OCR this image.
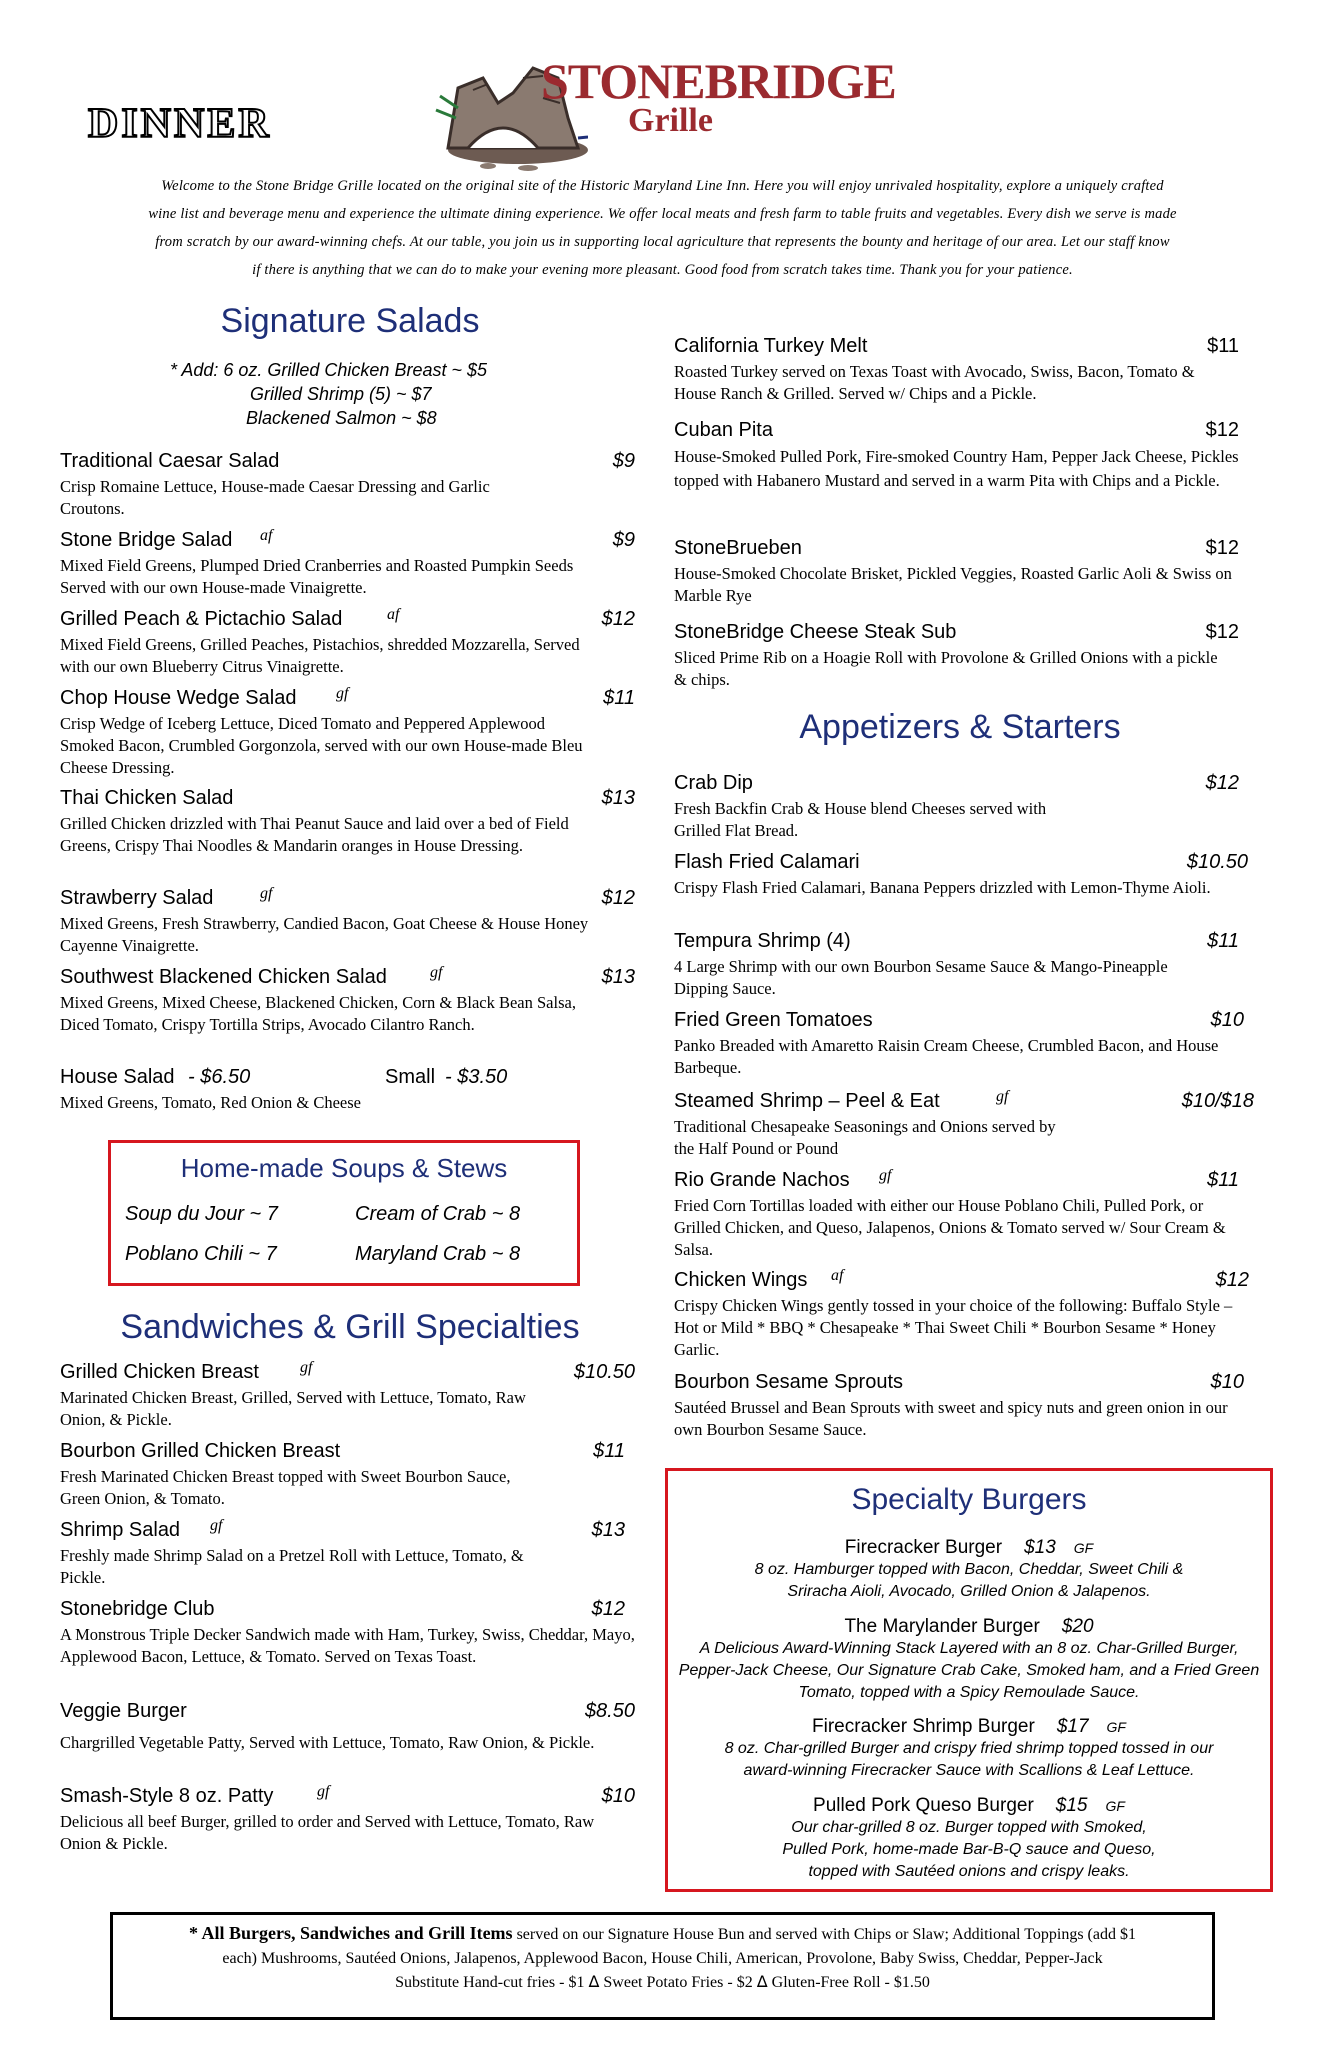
DINNER
STONEBRIDGE
Grille
Welcome to the Stone Bridge Grille located on the original site of the Historic Maryland Line Inn. Here you will enjoy unrivaled hospitality, explore a uniquely crafted
wine list and beverage menu and experience the ultimate dining experience. We offer local meats and fresh farm to table fruits and vegetables. Every dish we serve is made
from scratch by our award-winning chefs. At our table, you join us in supporting local agriculture that represents the bounty and heritage of our area. Let our staff know
if there is anything that we can do to make your evening more pleasant. Good food from scratch takes time. Thank you for your patience.
Signature Salads
* Add: 6 oz. Grilled Chicken Breast ~ $5
Grilled Shrimp (5) ~ $7
Blackened Salmon ~ $8
Traditional Caesar Salad	$9
Crisp Romaine Lettuce, House-made Caesar Dressing and Garlic Croutons.
Stone Bridge Salad af	$9
Mixed Field Greens, Plumped Dried Cranberries and Roasted Pumpkin Seeds Served with our own House-made Vinaigrette.
Grilled Peach & Pictachio Salad	af	$12
Mixed Field Greens, Grilled Peaches, Pistachios, shredded Mozzarella, Served with our own Blueberry Citrus Vinaigrette.
Chop House Wedge Salad gf	$11
Crisp Wedge of Iceberg Lettuce, Diced Tomato and Peppered Applewood Smoked Bacon, Crumbled Gorgonzola, served with our own House-made Bleu Cheese Dressing.
Thai Chicken Salad	$13
Grilled Chicken drizzled with Thai Peanut Sauce and laid over a bed of Field Greens, Crispy Thai Noodles & Mandarin oranges in House Dressing.
Strawberry Salad	gf	$12
Mixed Greens, Fresh Strawberry, Candied Bacon, Goat Cheese & House Honey Cayenne Vinaigrette.
Southwest Blackened Chicken Salad	gf	$13
Mixed Greens, Mixed Cheese, Blackened Chicken, Corn & Black Bean Salsa, Diced Tomato, Crispy Tortilla Strips, Avocado Cilantro Ranch.
House Salad - $6.50	Small - $3.50
Mixed Greens, Tomato, Red Onion & Cheese
Home-made Soups & Stews
Soup du Jour ~ 7	Cream of Crab ~ 8
Poblano Chili ~ 7	Maryland Crab ~ 8
Sandwiches & Grill Specialties
Grilled Chicken Breast	gf	$10.50
Marinated Chicken Breast, Grilled, Served with Lettuce, Tomato, Raw Onion, & Pickle.
Bourbon Grilled Chicken Breast	$11
Fresh Marinated Chicken Breast topped with Sweet Bourbon Sauce, Green Onion, & Tomato.
Shrimp Salad gf	$13
Freshly made Shrimp Salad on a Pretzel Roll with Lettuce, Tomato, & Pickle.
Stonebridge Club	$12
A Monstrous Triple Decker Sandwich made with Ham, Turkey, Swiss, Cheddar, Mayo, Applewood Bacon, Lettuce, & Tomato. Served on Texas Toast.
Veggie Burger	$8.50
Chargrilled Vegetable Patty, Served with Lettuce, Tomato, Raw Onion, & Pickle.
Smash-Style 8 oz. Patty	gf	$10
Delicious all beef Burger, grilled to order and Served with Lettuce, Tomato, Raw Onion & Pickle.
California Turkey Melt	$11
Roasted Turkey served on Texas Toast with Avocado, Swiss, Bacon, Tomato & House Ranch & Grilled. Served w/ Chips and a Pickle.
Cuban Pita	$12
House-Smoked Pulled Pork, Fire-smoked Country Ham, Pepper Jack Cheese, Pickles topped with Habanero Mustard and served in a warm Pita with Chips and a Pickle.
StoneBrueben	$12
House-Smoked Chocolate Brisket, Pickled Veggies, Roasted Garlic Aoli & Swiss on Marble Rye
StoneBridge Cheese Steak Sub	$12
Sliced Prime Rib on a Hoagie Roll with Provolone & Grilled Onions with a pickle & chips.
Appetizers & Starters
Crab Dip	$12
Fresh Backfin Crab & House blend Cheeses served with Grilled Flat Bread.
Flash Fried Calamari	$10.50
Crispy Flash Fried Calamari, Banana Peppers drizzled with Lemon-Thyme Aioli.
Tempura Shrimp (4)	$11
4 Large Shrimp with our own Bourbon Sesame Sauce & Mango-Pineapple Dipping Sauce.
Fried Green Tomatoes	$10
Panko Breaded with Amaretto Raisin Cream Cheese, Crumbled Bacon, and House Barbeque.
Steamed Shrimp – Peel & Eat	gf	$10/$18
Traditional Chesapeake Seasonings and Onions served by the Half Pound or Pound
Rio Grande Nachos gf	$11
Fried Corn Tortillas loaded with either our House Poblano Chili, Pulled Pork, or Grilled Chicken, and Queso, Jalapenos, Onions & Tomato served w/ Sour Cream & Salsa.
Chicken Wings af	$12
Crispy Chicken Wings gently tossed in your choice of the following: Buffalo Style – Hot or Mild * BBQ * Chesapeake * Thai Sweet Chili * Bourbon Sesame * Honey Garlic.
Bourbon Sesame Sprouts	$10
Sautéed Brussel and Bean Sprouts with sweet and spicy nuts and green onion in our own Bourbon Sesame Sauce.
Specialty Burgers
Firecracker Burger $13 GF
8 oz. Hamburger topped with Bacon, Cheddar, Sweet Chili & Sriracha Aioli, Avocado, Grilled Onion & Jalapenos.
The Marylander Burger $20
A Delicious Award-Winning Stack Layered with an 8 oz. Char-Grilled Burger, Pepper-Jack Cheese, Our Signature Crab Cake, Smoked ham, and a Fried Green Tomato, topped with a Spicy Remoulade Sauce.
Firecracker Shrimp Burger $17 GF
8 oz. Char-grilled Burger and crispy fried shrimp topped tossed in our award-winning Firecracker Sauce with Scallions & Leaf Lettuce.
Pulled Pork Queso Burger $15 GF
Our char-grilled 8 oz. Burger topped with Smoked, Pulled Pork, home-made Bar-B-Q sauce and Queso, topped with Sautéed onions and crispy leaks.
* All Burgers, Sandwiches and Grill Items served on our Signature House Bun and served with Chips or Slaw; Additional Toppings (add $1
each) Mushrooms, Sautéed Onions, Jalapenos, Applewood Bacon, House Chili, American, Provolone, Baby Swiss, Cheddar, Pepper-Jack
Substitute Hand-cut fries - $1 ᐃ Sweet Potato Fries - $2 ᐃ Gluten-Free Roll - $1.50
